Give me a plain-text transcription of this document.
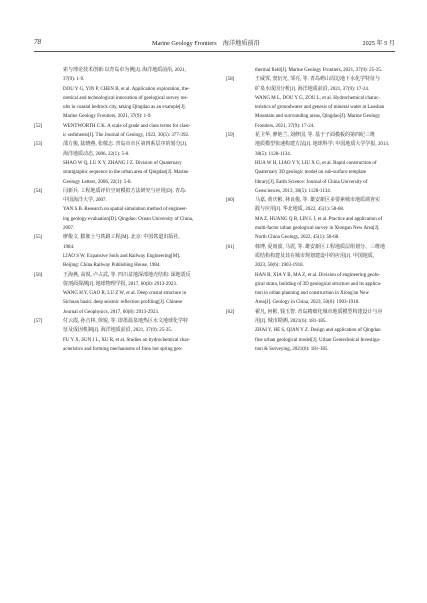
78	Marine Geology Frontiers　海洋地质前沿	2025 年 5 月
索与理论技术创新:以青岛市为例[J]. 海洋地质前沿, 2021,
37(9): 1-9.
DOU Y G, YIN P, CHEN B, et al. Application exploration, the-
oretical and technological innovation of geological survey res-
ults in coastal bedrock city, taking Qingdao as an example[J].
Marine Geology Frontiers, 2021, 37(9): 1-9.
[52]	WENTWORTH C K. A scale of grade and class terms for clast-
ic sediments[J]. The Journal of Geology, 1922, 30(5): 377-392.
[53]	邵方俊, 陆晓燕, 张敬志. 青岛市市区第四系层序的划分[J].
海洋地质动态, 2006, 22(1): 5-8.
SHAO W Q, LU X Y, ZHANG J Z. Division of Quaternary
stratigraphic sequence in the urban area of Qingdao[J]. Marine
Geology Letters, 2006, 22(1): 5-8.
[54]	闫新兵. 工程地质评价空间模拟方法研究与应用[D]. 青岛:
中国海洋大学, 2007.
YAN S B. Research on spatial simulation method of engineer-
ing geology evaluation[D]. Qingdao: Ocean University of China,
2007.
[55]	廖俊文. 膨胀土与铁路工程[M]. 北京: 中国铁道出版社,
1984.
LIAO S W. Expansive Soils and Railway Engineering[M].
Beijing: China Railway Publishing House, 1984.
[56]	王海燕, 高锐, 卢占武, 等. 四川盆地深部地壳结构: 深地震反
射剖面探测[J]. 地球物理学报, 2017, 60(8): 2913-2923.
WANG H Y, GAO R, LU Z W, et al. Deep crustal structure in
Sichuan basin: deep seismic reflection profiling[J]. Chinese
Journal of Geophysics, 2017, 60(8): 2913-2923.
[57]	付云霞, 孙吉林, 徐锐, 等. 即墨温泉地热区水文地球化学特
征及成因机制[J]. 海洋地质前沿, 2021, 37(9): 25-35.
FU Y X, SUN J L, XU R, et al. Studies on hydrochemical char-
acteristics and forming mechanisms of Jimo hot spring geo-
thermal field[J]. Marine Geology Frontiers, 2021, 37(9): 25-35.
[58]	王威霁, 窦衍光, 邹亮, 等. 青岛崂山周边地下水化学特征与
矿泉水成因分析[J]. 海洋地质前沿, 2021, 37(9): 17-24.
WANG M L, DOU Y G, ZOU L, et al. Hydrochemical charac-
teristics of groundwater and genesis of mineral water at Laoshan
Mountain and surrounding areas, Qingdao[J]. Marine Geology
Frontiers, 2021, 37(9): 17-24.
[59]	花卫华, 廖艳兰, 刘修国, 等. 基于子面模板的第四纪三维
地质模型快速构建方法[J]. 地球科学: 中国地质大学学报, 2013,
38(5): 1128-1134.
HUA W H, LIAO Y Y, LIU X G, et al. Rapid construction of
Quaternary 3D geologic model on sub-surface template
library[J]. Earth Science: Journal of China University of
Geosciences, 2013, 38(5): 1128-1134.
[60]	马嘉, 黄庆彬, 林良俊, 等. 雄安新区多要素城市地质调查实
践与应用[J]. 华北地质, 2022, 45(1): 58-68.
MA Z, HUANG Q B, LIN L J, et al. Practice and application of
multi-factor urban geological survey in Xiongan New Area[J].
North China Geology, 2022, 45(1): 58-68.
[61]	韩博, 夏雨波, 马震, 等. 雄安新区工程地质层组划分、三维地
质结构构建及其在城市规划建设中的应用[J]. 中国地质,
2023, 50(6): 1903-1918.
HAN B, XIA Y B, MA Z, et al. Division of engineering geolo-
gical strata, building of 3D geological structure and its applica-
tion in urban planning and construction in Xiong'an New
Area[J]. Geology in China, 2023, 50(6): 1903-1918.
[62]	翟凡, 何彬, 钱玉智. 青岛精细化城市地质模型构建设计与应
用[J]. 城市勘测, 2021(6): 181-185.
ZHAI Y, HE S, QIAN Y Z. Design and application of Qingdao
fine urban geological model[J]. Urban Geotechnical Investiga-
tion & Surveying, 2021(6): 181-185.
